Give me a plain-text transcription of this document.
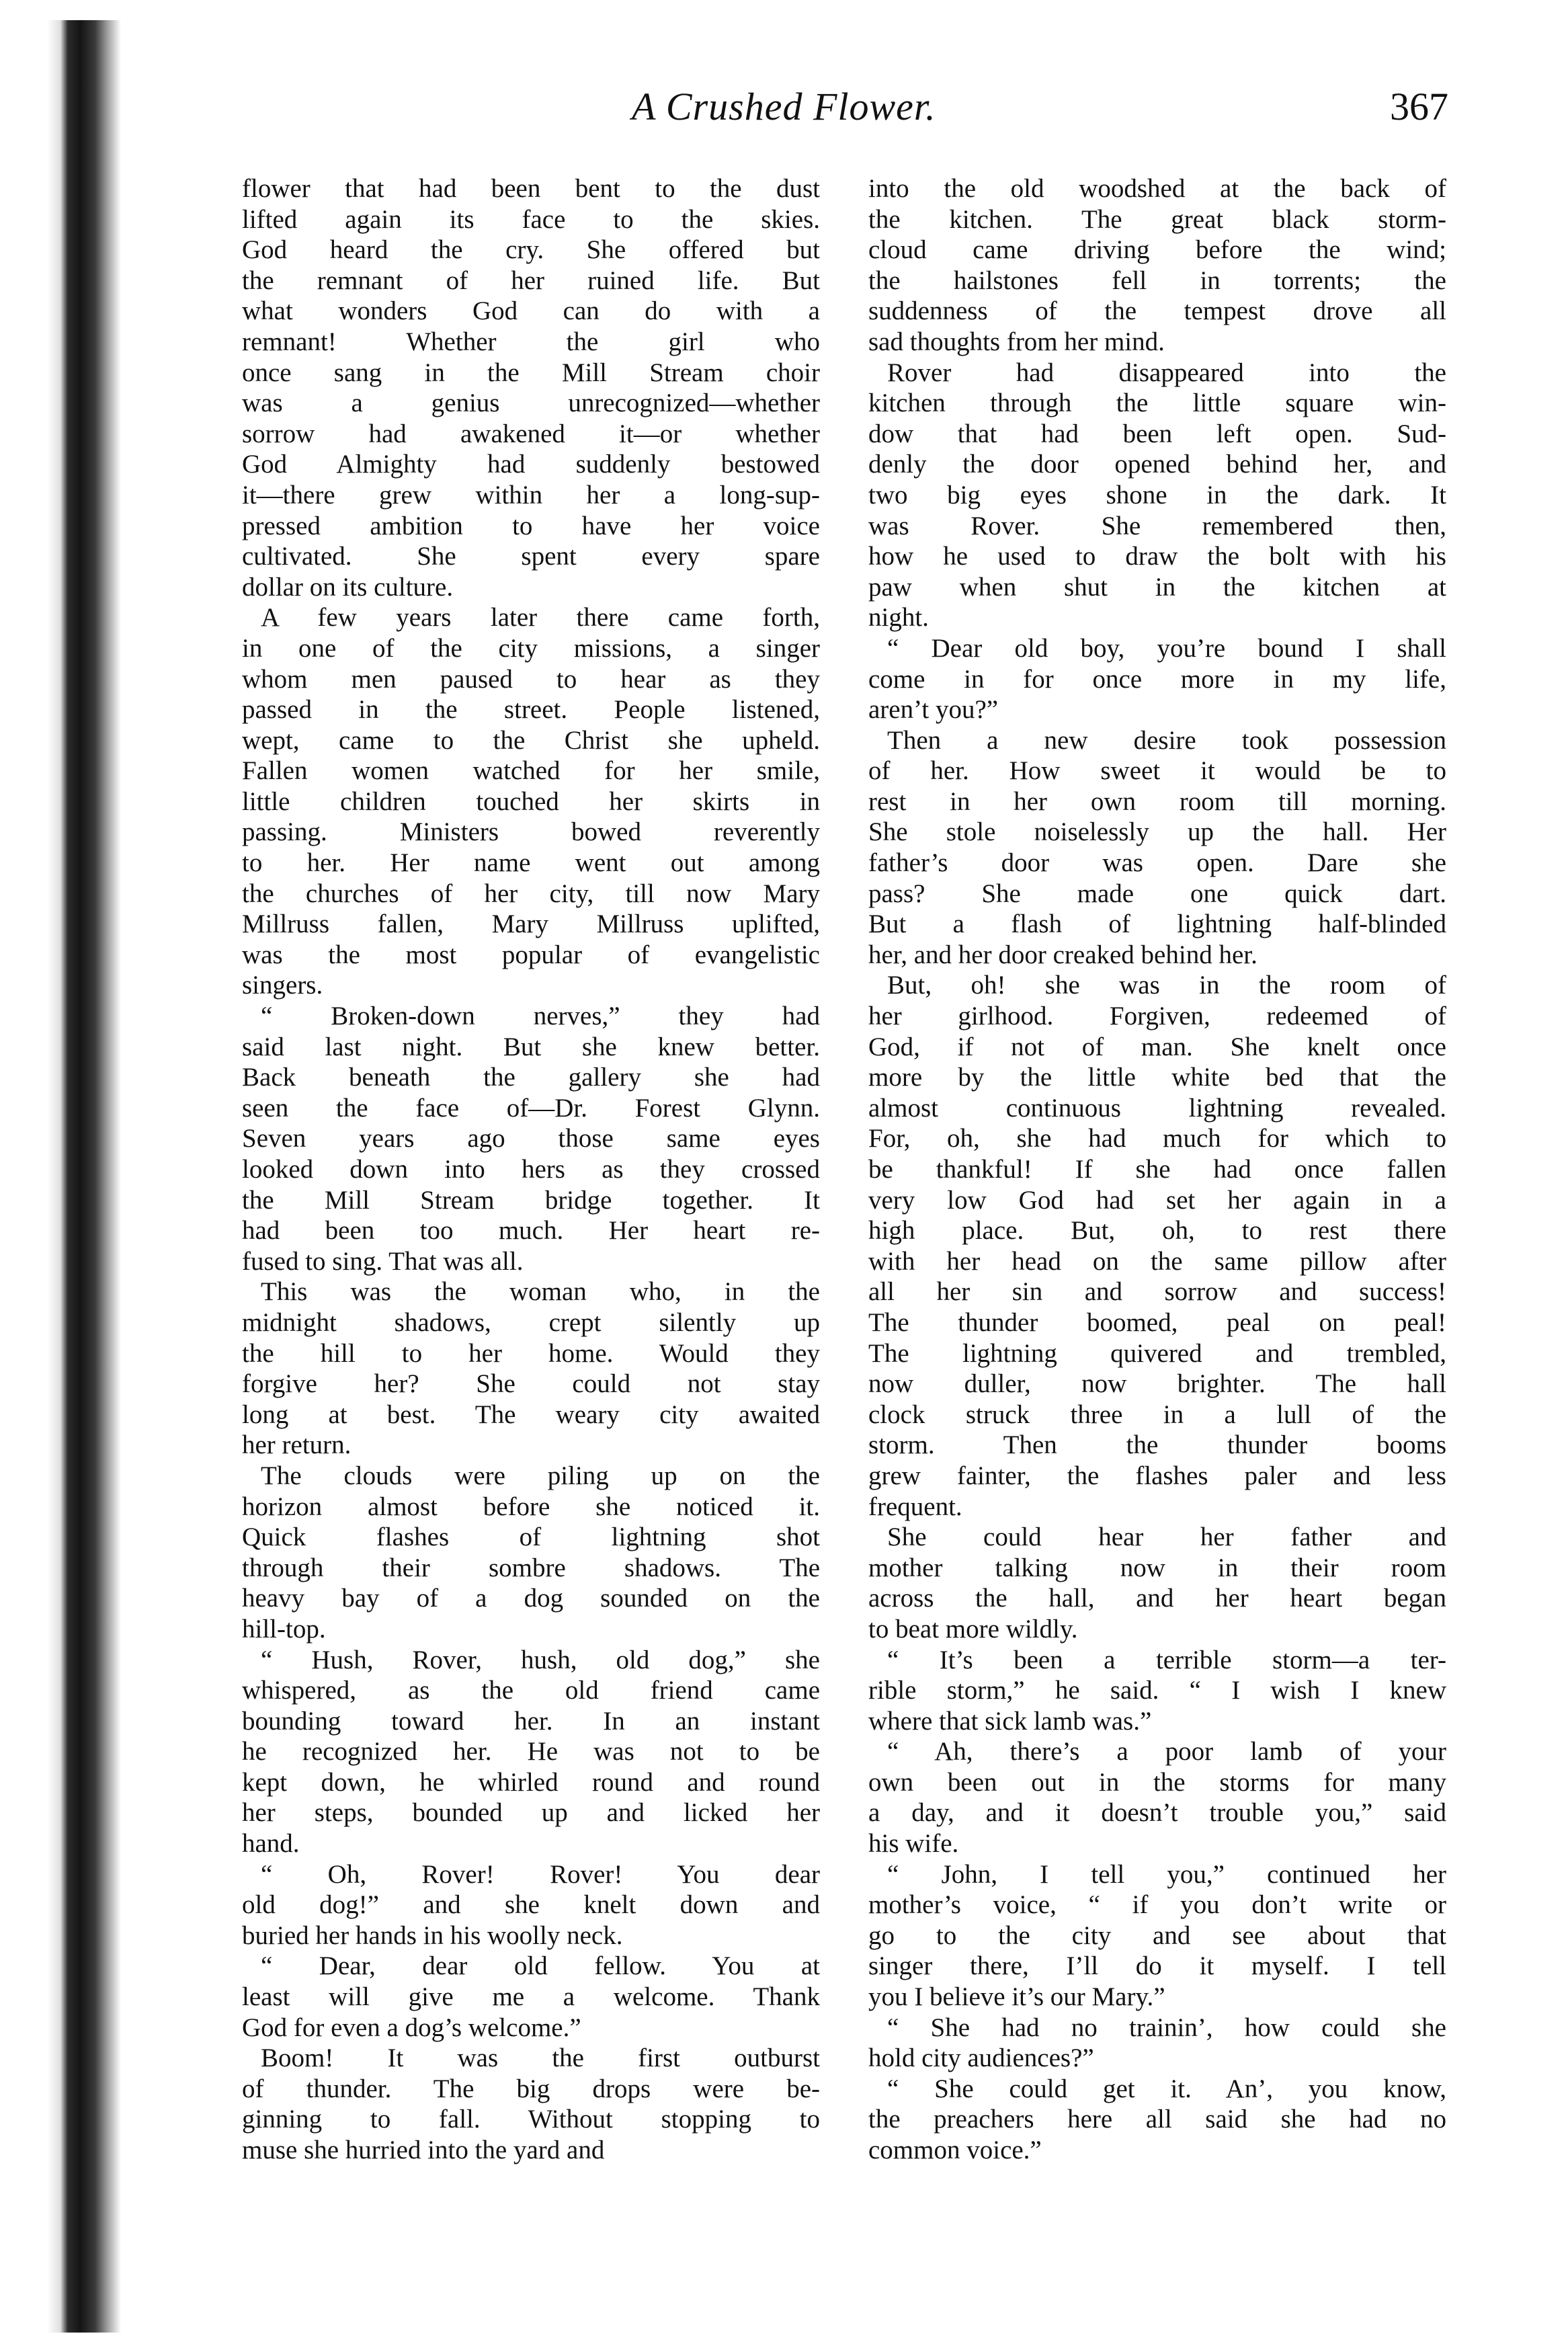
A Crushed Flower.	367
flower that had been bent to the dust
lifted again its face to the skies.
God heard the cry. She offered but
the remnant of her ruined life. But
what wonders God can do with a
remnant! Whether the girl who
once sang in the Mill Stream choir
was a genius unrecognized—whether
sorrow had awakened it—or whether
God Almighty had suddenly bestowed
it—there grew within her a long-sup-
pressed ambition to have her voice
cultivated. She spent every spare
dollar on its culture.
A few years later there came forth,
in one of the city missions, a singer
whom men paused to hear as they
passed in the street. People listened,
wept, came to the Christ she upheld.
Fallen women watched for her smile,
little children touched her skirts in
passing. Ministers bowed reverently
to her. Her name went out among
the churches of her city, till now Mary
Millruss fallen, Mary Millruss uplifted,
was the most popular of evangelistic
singers.
“ Broken-down nerves,” they had
said last night. But she knew better.
Back beneath the gallery she had
seen the face of—Dr. Forest Glynn.
Seven years ago those same eyes
looked down into hers as they crossed
the Mill Stream bridge together. It
had been too much. Her heart re-
fused to sing. That was all.
This was the woman who, in the
midnight shadows, crept silently up
the hill to her home. Would they
forgive her? She could not stay
long at best. The weary city awaited
her return.
The clouds were piling up on the
horizon almost before she noticed it.
Quick flashes of lightning shot
through their sombre shadows. The
heavy bay of a dog sounded on the
hill-top.
“ Hush, Rover, hush, old dog,” she
whispered, as the old friend came
bounding toward her. In an instant
he recognized her. He was not to be
kept down, he whirled round and round
her steps, bounded up and licked her
hand.
“ Oh, Rover! Rover! You dear
old dog!” and she knelt down and
buried her hands in his woolly neck.
“ Dear, dear old fellow. You at
least will give me a welcome. Thank
God for even a dog’s welcome.”
Boom! It was the first outburst
of thunder. The big drops were be-
ginning to fall. Without stopping to
muse she hurried into the yard and
into the old woodshed at the back of
the kitchen. The great black storm-
cloud came driving before the wind;
the hailstones fell in torrents; the
suddenness of the tempest drove all
sad thoughts from her mind.
Rover had disappeared into the
kitchen through the little square win-
dow that had been left open. Sud-
denly the door opened behind her, and
two big eyes shone in the dark. It
was Rover. She remembered then,
how he used to draw the bolt with his
paw when shut in the kitchen at
night.
“ Dear old boy, you’re bound I shall
come in for once more in my life,
aren’t you?”
Then a new desire took possession
of her. How sweet it would be to
rest in her own room till morning.
She stole noiselessly up the hall. Her
father’s door was open. Dare she
pass? She made one quick dart.
But a flash of lightning half-blinded
her, and her door creaked behind her.
But, oh! she was in the room of
her girlhood. Forgiven, redeemed of
God, if not of man. She knelt once
more by the little white bed that the
almost continuous lightning revealed.
For, oh, she had much for which to
be thankful! If she had once fallen
very low God had set her again in a
high place. But, oh, to rest there
with her head on the same pillow after
all her sin and sorrow and success!
The thunder boomed, peal on peal!
The lightning quivered and trembled,
now duller, now brighter. The hall
clock struck three in a lull of the
storm. Then the thunder booms
grew fainter, the flashes paler and less
frequent.
She could hear her father and
mother talking now in their room
across the hall, and her heart began
to beat more wildly.
“ It’s been a terrible storm—a ter-
rible storm,” he said. “ I wish I knew
where that sick lamb was.”
“ Ah, there’s a poor lamb of your
own been out in the storms for many
a day, and it doesn’t trouble you,” said
his wife.
“ John, I tell you,” continued her
mother’s voice, “ if you don’t write or
go to the city and see about that
singer there, I’ll do it myself. I tell
you I believe it’s our Mary.”
“ She had no trainin’, how could she
hold city audiences?”
“ She could get it. An’, you know,
the preachers here all said she had no
common voice.”
